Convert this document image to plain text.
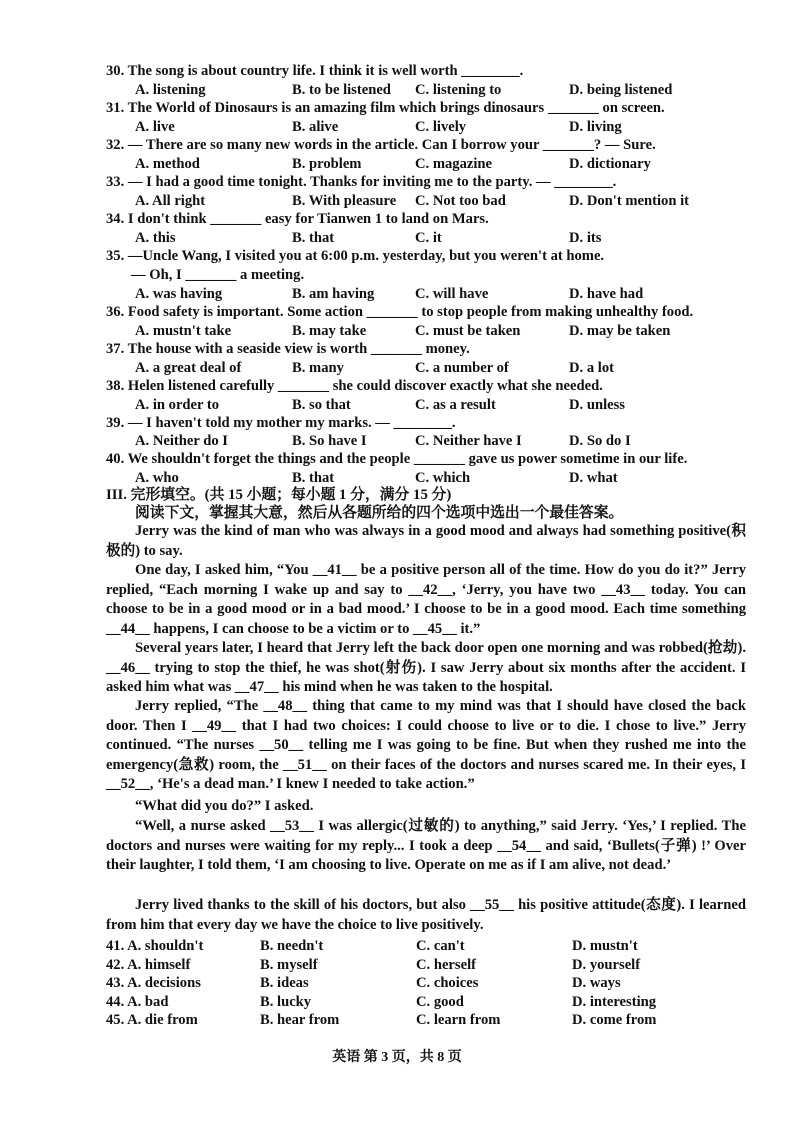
30. The song is about country life. I think it is well worth ________.
A. listening	B. to be listened C. listening to	D. being listened
31. The World of Dinosaurs is an amazing film which brings dinosaurs _______ on screen.
A. live	B. alive	C. lively	D. living
32. — There are so many new words in the article. Can I borrow your _______? — Sure.
A. method	B. problem	C. magazine	D. dictionary
33. — I had a good time tonight. Thanks for inviting me to the party. — ________.
A. All right	B. With pleasure C. Not too bad	D. Don't mention it
34. I don't think _______ easy for Tianwen 1 to land on Mars.
A. this	B. that	C. it	D. its
35. —Uncle Wang, I visited you at 6:00 p.m. yesterday, but you weren't at home.
— Oh, I _______ a meeting.
A. was having	B. am having	C. will have	D. have had
36. Food safety is important. Some action _______ to stop people from making unhealthy food.
A. mustn't take	B. may take	C. must be taken	D. may be taken
37. The house with a seaside view is worth _______ money.
A. a great deal of	B. many	C. a number of	D. a lot
38. Helen listened carefully _______ she could discover exactly what she needed.
A. in order to	B. so that	C. as a result	D. unless
39. — I haven't told my mother my marks. — ________.
A. Neither do I	B. So have I	C. Neither have I	D. So do I
40. We shouldn't forget the things and the people _______ gave us power sometime in our life.
A. who	B. that	C. which	D. what
III. 完形填空。(共 15 小题；每小题 1 分，满分 15 分)
阅读下文，掌握其大意，然后从各题所给的四个选项中选出一个最佳答案。
Jerry was the kind of man who was always in a good mood and always had something positive(积极的) to say.
One day, I asked him, “You __41__ be a positive person all of the time. How do you do it?” Jerry replied, “Each morning I wake up and say to __42__, ‘Jerry, you have two __43__ today. You can choose to be in a good mood or in a bad mood.’ I choose to be in a good mood. Each time something __44__ happens, I can choose to be a victim or to __45__ it.”
Several years later, I heard that Jerry left the back door open one morning and was robbed(抢劫). __46__ trying to stop the thief, he was shot(射伤). I saw Jerry about six months after the accident. I asked him what was __47__ his mind when he was taken to the hospital.
Jerry replied, “The __48__ thing that came to my mind was that I should have closed the back door. Then I __49__ that I had two choices: I could choose to live or to die. I chose to live.” Jerry continued. “The nurses __50__ telling me I was going to be fine. But when they rushed me into the emergency(急救) room, the __51__ on their faces of the doctors and nurses scared me. In their eyes, I __52__, ‘He's a dead man.’ I knew I needed to take action.”
“What did you do?” I asked.
“Well, a nurse asked __53__ I was allergic(过敏的) to anything,” said Jerry. ‘Yes,’ I replied. The doctors and nurses were waiting for my reply... I took a deep __54__ and said, ‘Bullets(子弹) !’ Over their laughter, I told them, ‘I am choosing to live. Operate on me as if I am alive, not dead.’
Jerry lived thanks to the skill of his doctors, but also __55__ his positive attitude(态度). I learned from him that every day we have the choice to live positively.
41. A. shouldn't	B. needn't	C. can't	D. mustn't
42. A. himself	B. myself	C. herself	D. yourself
43. A. decisions	B. ideas	C. choices	D. ways
44. A. bad	B. lucky	C. good	D. interesting
45. A. die from	B. hear from	C. learn from	D. come from
英语 第 3 页，共 8 页
